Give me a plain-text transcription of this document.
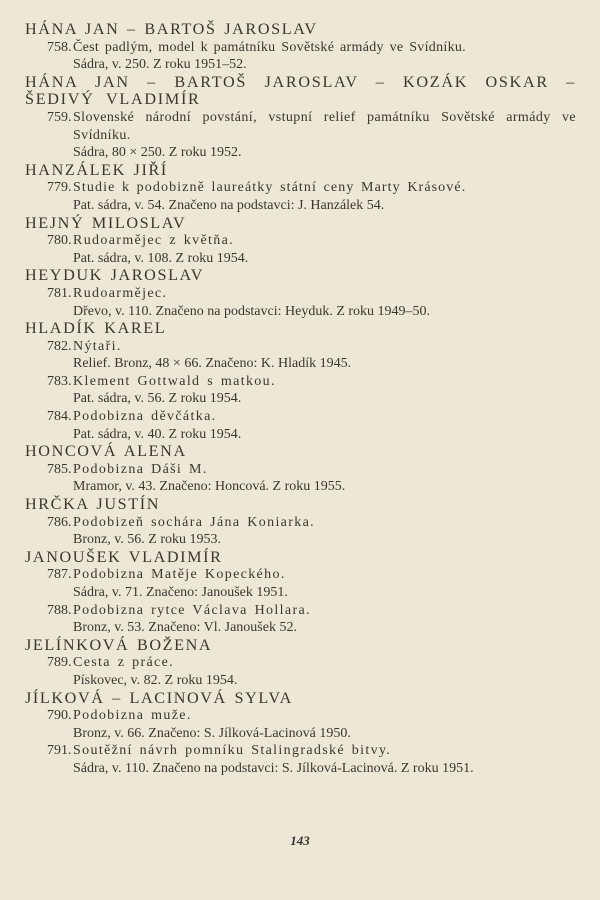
HÁNA JAN – BARTOŠ JAROSLAV

758. Čest padlým, model k památníku Sovětské armády ve Svídníku.

Sádra, v. 250. Z roku 1951–52.

HÁNA JAN – BARTOŠ JAROSLAV – KOZÁK OSKAR – ŠEDIVÝ VLADIMÍR

759. Slovenské národní povstání, vstupní relief památníku Sovětské armády ve Svídníku.

Sádra, 80 × 250. Z roku 1952.

HANZÁLEK JIŘÍ

779. Studie k podobizně laureátky státní ceny Marty Krásové.

Pat. sádra, v. 54. Značeno na podstavci: J. Hanzálek 54.

HEJNÝ MILOSLAV

780. Rudoarmějec z květňa.

Pat. sádra, v. 108. Z roku 1954.

HEYDUK JAROSLAV

781. Rudoarmějec.

Dřevo, v. 110. Značeno na podstavci: Heyduk. Z roku 1949–50.

HLADÍK KAREL

782. Nýtaři.

Relief. Bronz, 48 × 66. Značeno: K. Hladík 1945.

783. Klement Gottwald s matkou.

Pat. sádra, v. 56. Z roku 1954.

784. Podobizna děvčátka.

Pat. sádra, v. 40. Z roku 1954.

HONCOVÁ ALENA

785. Podobizna Dáši M.

Mramor, v. 43. Značeno: Honcová. Z roku 1955.

HRČKA JUSTÍN

786. Podobizeň sochára Jána Koniarka.

Bronz, v. 56. Z roku 1953.

JANOUŠEK VLADIMÍR

787. Podobizna Matěje Kopeckého.

Sádra, v. 71. Značeno: Janoušek 1951.

788. Podobizna rytce Václava Hollara.

Bronz, v. 53. Značeno: Vl. Janoušek 52.

JELÍNKOVÁ BOŽENA

789. Cesta z práce.

Pískovec, v. 82. Z roku 1954.

JÍLKOVÁ – LACINOVÁ SYLVA

790. Podobizna muže.

Bronz, v. 66. Značeno: S. Jílková-Lacinová 1950.

791. Soutěžní návrh pomníku Stalingradské bitvy.

Sádra, v. 110. Značeno na podstavci: S. Jílková-Lacinová. Z roku 1951.

143
